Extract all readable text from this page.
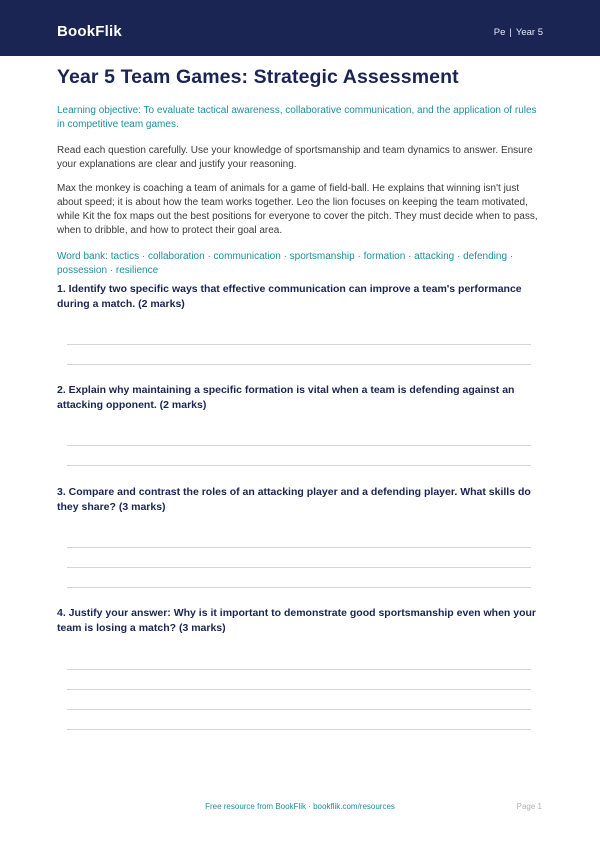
BookFlik	Pe | Year 5
Year 5 Team Games: Strategic Assessment

Learning objective: To evaluate tactical awareness, collaborative communication, and the application of rules in competitive team games.

Read each question carefully. Use your knowledge of sportsmanship and team dynamics to answer. Ensure your explanations are clear and justify your reasoning.

Max the monkey is coaching a team of animals for a game of field-ball. He explains that winning isn't just about speed; it is about how the team works together. Leo the lion focuses on keeping the team motivated, while Kit the fox maps out the best positions for everyone to cover the pitch. They must decide when to pass, when to dribble, and how to protect their goal area.

Word bank: tactics · collaboration · communication · sportsmanship · formation · attacking · defending · possession · resilience

1. Identify two specific ways that effective communication can improve a team's performance during a match. (2 marks)

2. Explain why maintaining a specific formation is vital when a team is defending against an attacking opponent. (2 marks)

3. Compare and contrast the roles of an attacking player and a defending player. What skills do they share? (3 marks)

4. Justify your answer: Why is it important to demonstrate good sportsmanship even when your team is losing a match? (3 marks)

Free resource from BookFlik · bookflik.com/resources	Page 1
